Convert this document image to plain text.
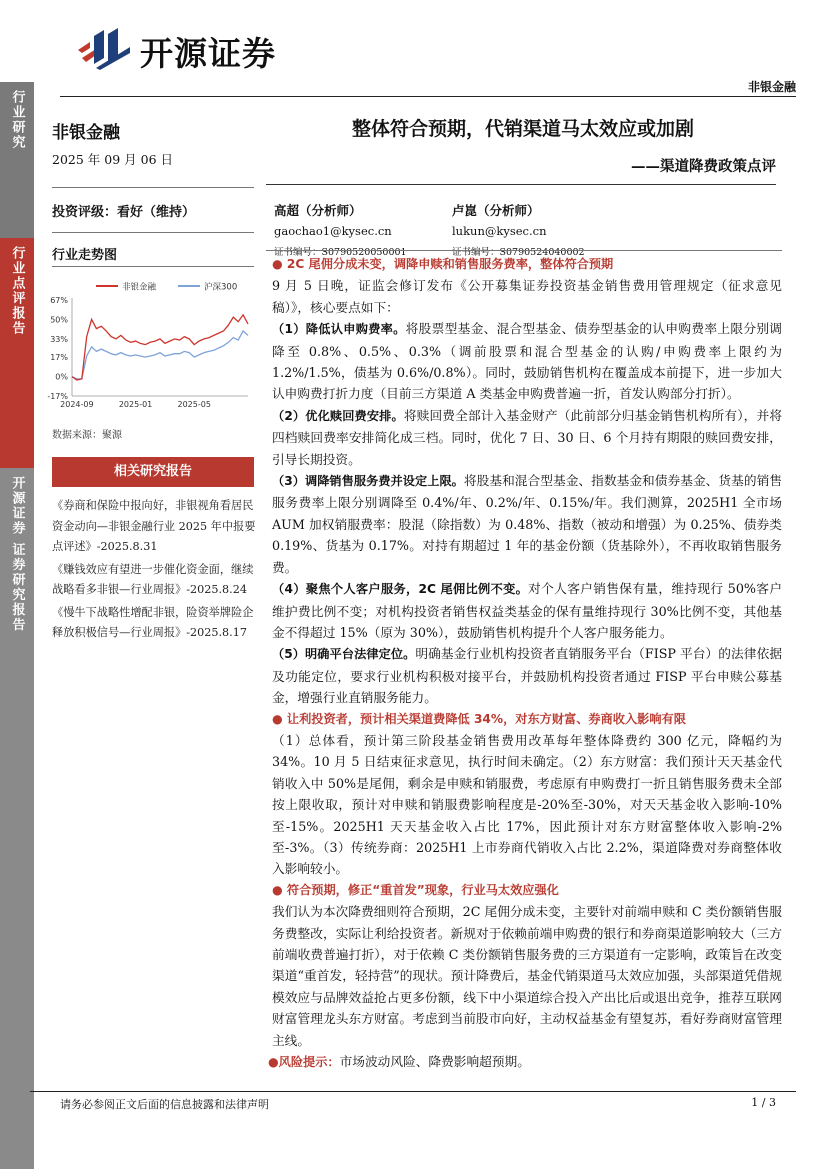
开源证券
非银金融
行业研究
行业点评报告
开源证券 证券研究报告
非银金融
2025 年 09 月 06 日
投资评级：看好（维持）
行业走势图
非银金融	沪深300
67%
50%
33%
17%
0%
-17%
2024-09	2025-01	2025-05
数据来源：聚源
相关研究报告
《券商和保险中报向好，非银视角看居民资金动向—非银金融行业 2025 年中报要点评述》-2025.8.31
《赚钱效应有望进一步催化资金面，继续战略看多非银—行业周报》-2025.8.24
《慢牛下战略性增配非银，险资举牌险企释放积极信号—行业周报》-2025.8.17
整体符合预期，代销渠道马太效应或加剧
——渠道降费政策点评
高超（分析师）
gaochao1@kysec.cn
证书编号：S0790520050001
卢崑（分析师）
lukun@kysec.cn
证书编号：S0790524040002

● 2C 尾佣分成未变，调降申赎和销售服务费率，整体符合预期

9 月 5 日晚，证监会修订发布《公开募集证券投资基金销售费用管理规定（征求意见稿）》，核心要点如下：

（1）降低认申购费率。将股票型基金、混合型基金、债券型基金的认申购费率上限分别调降至 0.8%、0.5%、0.3%（调前股票和混合型基金的认购/申购费率上限约为 1.2%/1.5%，债基为 0.6%/0.8%）。同时，鼓励销售机构在覆盖成本前提下，进一步加大认申购费打折力度（目前三方渠道 A 类基金申购费普遍一折，首发认购部分打折）。

（2）优化赎回费安排。将赎回费全部计入基金财产（此前部分归基金销售机构所有），并将四档赎回费率安排简化成三档。同时，优化 7 日、30 日、6 个月持有期限的赎回费安排，引导长期投资。

（3）调降销售服务费并设定上限。将股基和混合型基金、指数基金和债券基金、货基的销售服务费率上限分别调降至 0.4%/年、0.2%/年、0.15%/年。我们测算，2025H1 全市场 AUM 加权销服费率：股混（除指数）为 0.48%、指数（被动和增强）为 0.25%、债券类 0.19%、货基为 0.17%。对持有期超过 1 年的基金份额（货基除外），不再收取销售服务费。

（4）聚焦个人客户服务，2C 尾佣比例不变。对个人客户销售保有量，维持现行 50%客户维护费比例不变；对机构投资者销售权益类基金的保有量维持现行 30%比例不变，其他基金不得超过 15%（原为 30%），鼓励销售机构提升个人客户服务能力。

（5）明确平台法律定位。明确基金行业机构投资者直销服务平台（FISP 平台）的法律依据及功能定位，要求行业机构积极对接平台，并鼓励机构投资者通过 FISP 平台申赎公募基金，增强行业直销服务能力。

● 让利投资者，预计相关渠道费降低 34%，对东方财富、券商收入影响有限

（1）总体看，预计第三阶段基金销售费用改革每年整体降费约 300 亿元，降幅约为 34%。10 月 5 日结束征求意见，执行时间未确定。（2）东方财富：我们预计天天基金代销收入中 50%是尾佣，剩余是申赎和销服费，考虑原有申购费打一折且销售服务费未全部按上限收取，预计对申赎和销服费影响程度是-20%至-30%，对天天基金收入影响-10%至-15%。2025H1 天天基金收入占比 17%，因此预计对东方财富整体收入影响-2%至-3%。（3）传统券商：2025H1 上市券商代销收入占比 2.2%，渠道降费对券商整体收入影响较小。

● 符合预期，修正“重首发”现象，行业马太效应强化

我们认为本次降费细则符合预期，2C 尾佣分成未变，主要针对前端申赎和 C 类份额销售服务费整改，实际让利给投资者。新规对于依赖前端申购费的银行和券商渠道影响较大（三方前端收费普遍打折），对于依赖 C 类份额销售服务费的三方渠道有一定影响，政策旨在改变渠道“重首发，轻持营”的现状。预计降费后，基金代销渠道马太效应加强，头部渠道凭借规模效应与品牌效益抢占更多份额，线下中小渠道综合投入产出比后或退出竞争，推荐互联网财富管理龙头东方财富。考虑到当前股市向好，主动权益基金有望复苏，看好券商财富管理主线。

●风险提示：市场波动风险、降费影响超预期。

请务必参阅正文后面的信息披露和法律声明	1 / 3
